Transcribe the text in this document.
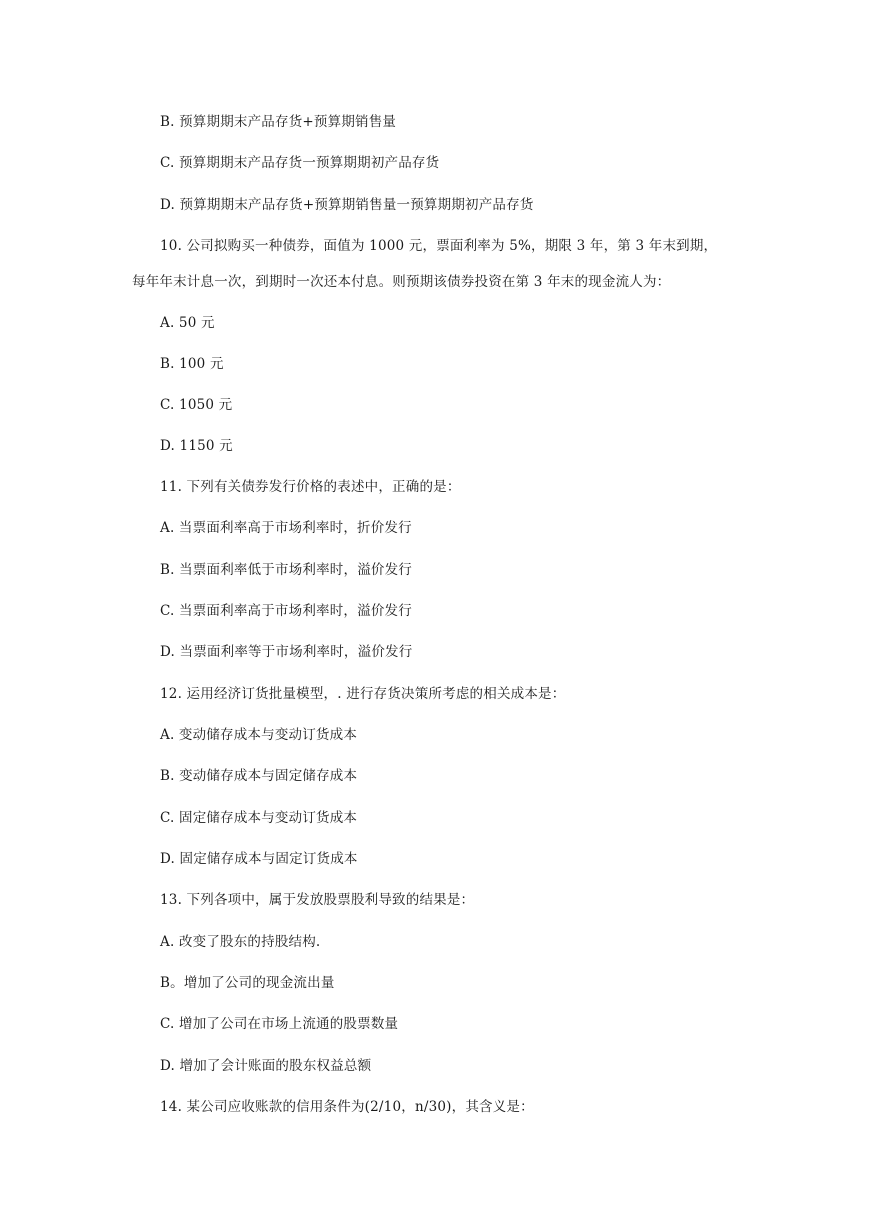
B. 预算期期末产品存货+预算期销售量
C. 预算期期末产品存货一预算期期初产品存货
D. 预算期期末产品存货+预算期销售量一预算期期初产品存货
10. 公司拟购买一种债券，面值为 1000 元，票面利率为 5%，期限 3 年，第 3 年末到期，
每年年末计息一次，到期时一次还本付息。则预期该债券投资在第 3 年末的现金流人为：
A. 50 元
B. 100 元
C. 1050 元
D. 1150 元
11. 下列有关债券发行价格的表述中，正确的是：
A. 当票面利率高于市场利率时，折价发行
B. 当票面利率低于市场利率时，溢价发行
C. 当票面利率高于市场利率时，溢价发行
D. 当票面利率等于市场利率时，溢价发行
12. 运用经济订货批量模型，. 进行存货决策所考虑的相关成本是：
A. 变动储存成本与变动订货成本
B. 变动储存成本与固定储存成本
C. 固定储存成本与变动订货成本
D. 固定储存成本与固定订货成本
13. 下列各项中，属于发放股票股利导致的结果是：
A. 改变了股东的持股结构.
B。增加了公司的现金流出量
C. 增加了公司在市场上流通的股票数量
D. 增加了会计账面的股东权益总额
14. 某公司应收账款的信用条件为(2/10，n/30)，其含义是：
